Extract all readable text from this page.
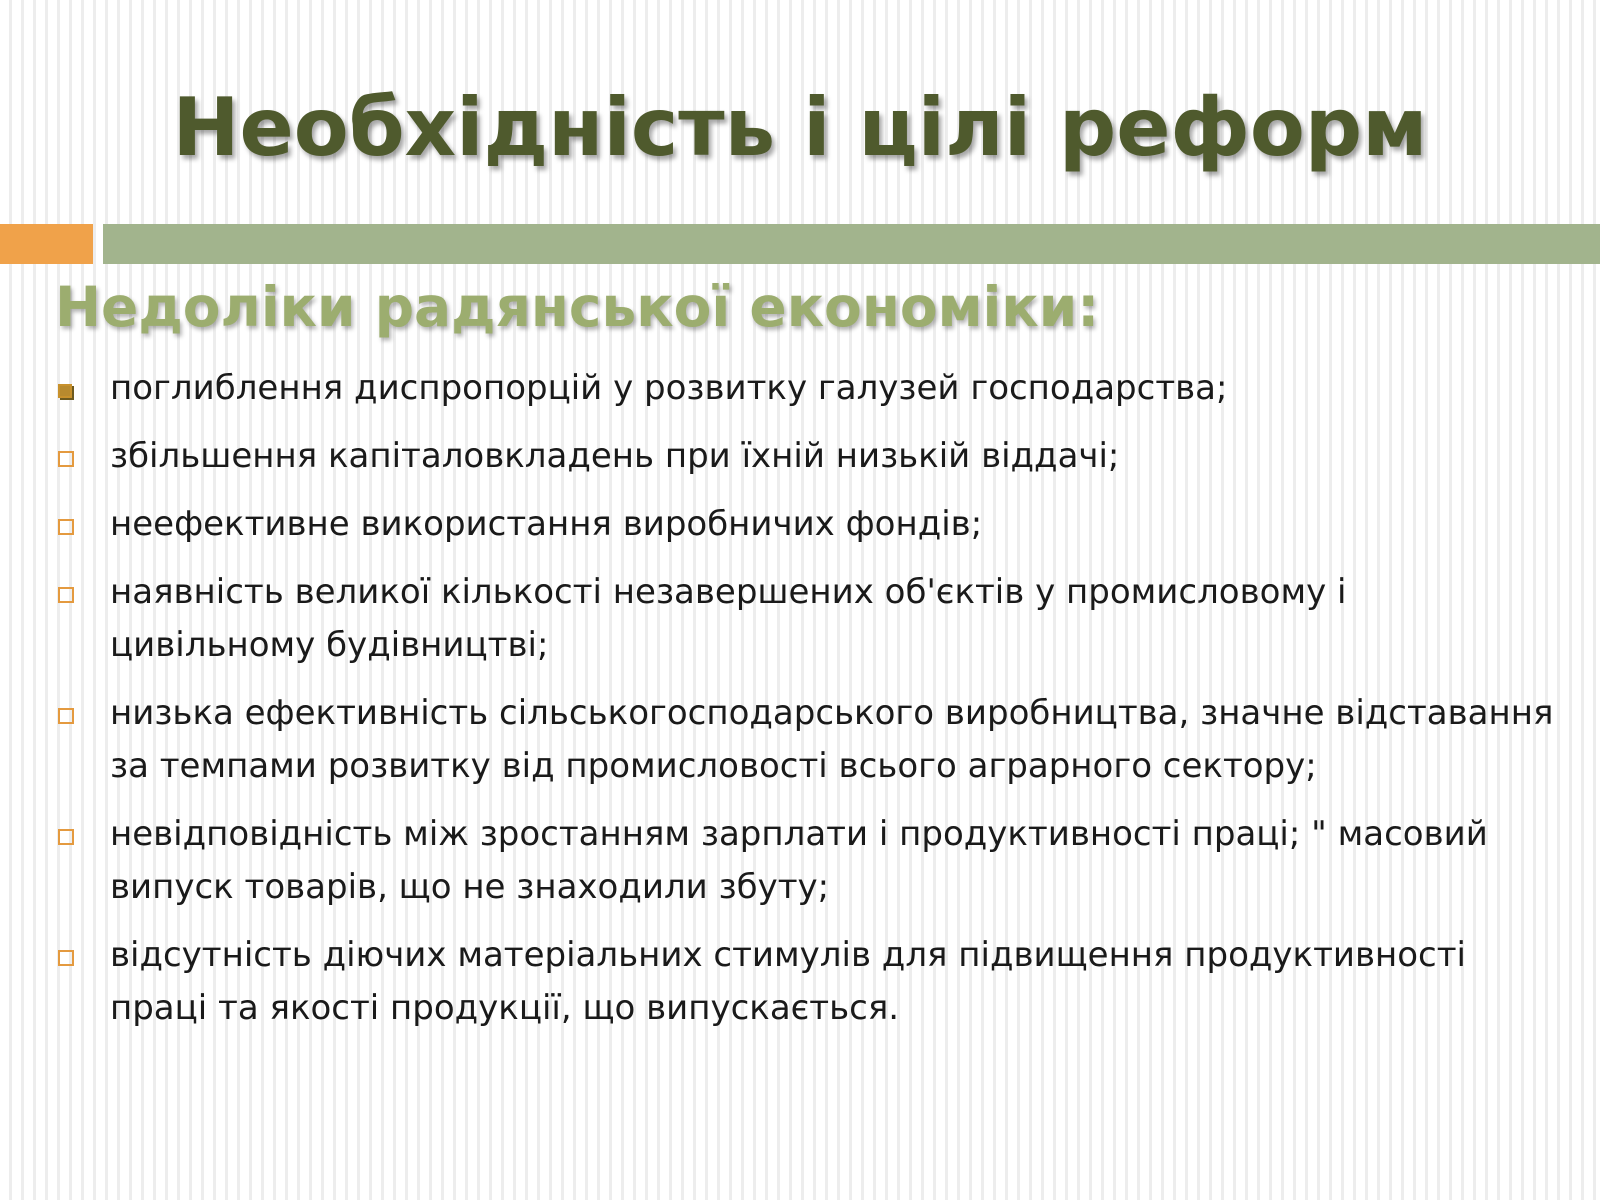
Необхідність і цілі реформ
Недоліки радянської економіки:
поглиблення диспропорцій у розвитку галузей господарства;
збільшення капіталовкладень при їхній низькій віддачі;
неефективне використання виробничих фондів;
наявність великої кількості незавершених об'єктів у промисловому і цивільному будівництві;
низька ефективність сільськогосподарського виробництва, значне відставання за темпами розвитку від промисловості всього аграрного сектору;
невідповідність між зростанням зарплати і продуктивності праці; " масовий випуск товарів, що не знаходили збуту;
відсутність діючих матеріальних стимулів для підвищення продуктивності праці та якості продукції, що випускається.
